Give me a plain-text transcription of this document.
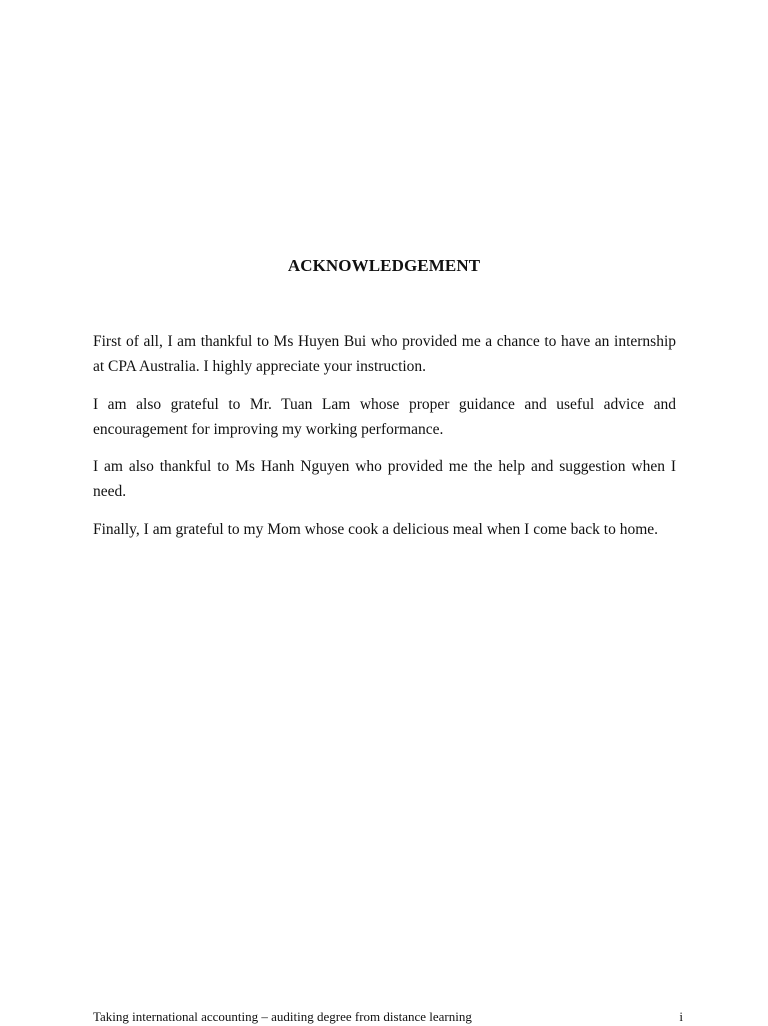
ACKNOWLEDGEMENT

First of all, I am thankful to Ms Huyen Bui who provided me a chance to have an internship at CPA Australia. I highly appreciate your instruction.

I am also grateful to Mr. Tuan Lam whose proper guidance and useful advice and encouragement for improving my working performance.

I am also thankful to Ms Hanh Nguyen who provided me the help and suggestion when I need.

Finally, I am grateful to my Mom whose cook a delicious meal when I come back to home.

Taking international accounting – auditing degree from distance learning	i
